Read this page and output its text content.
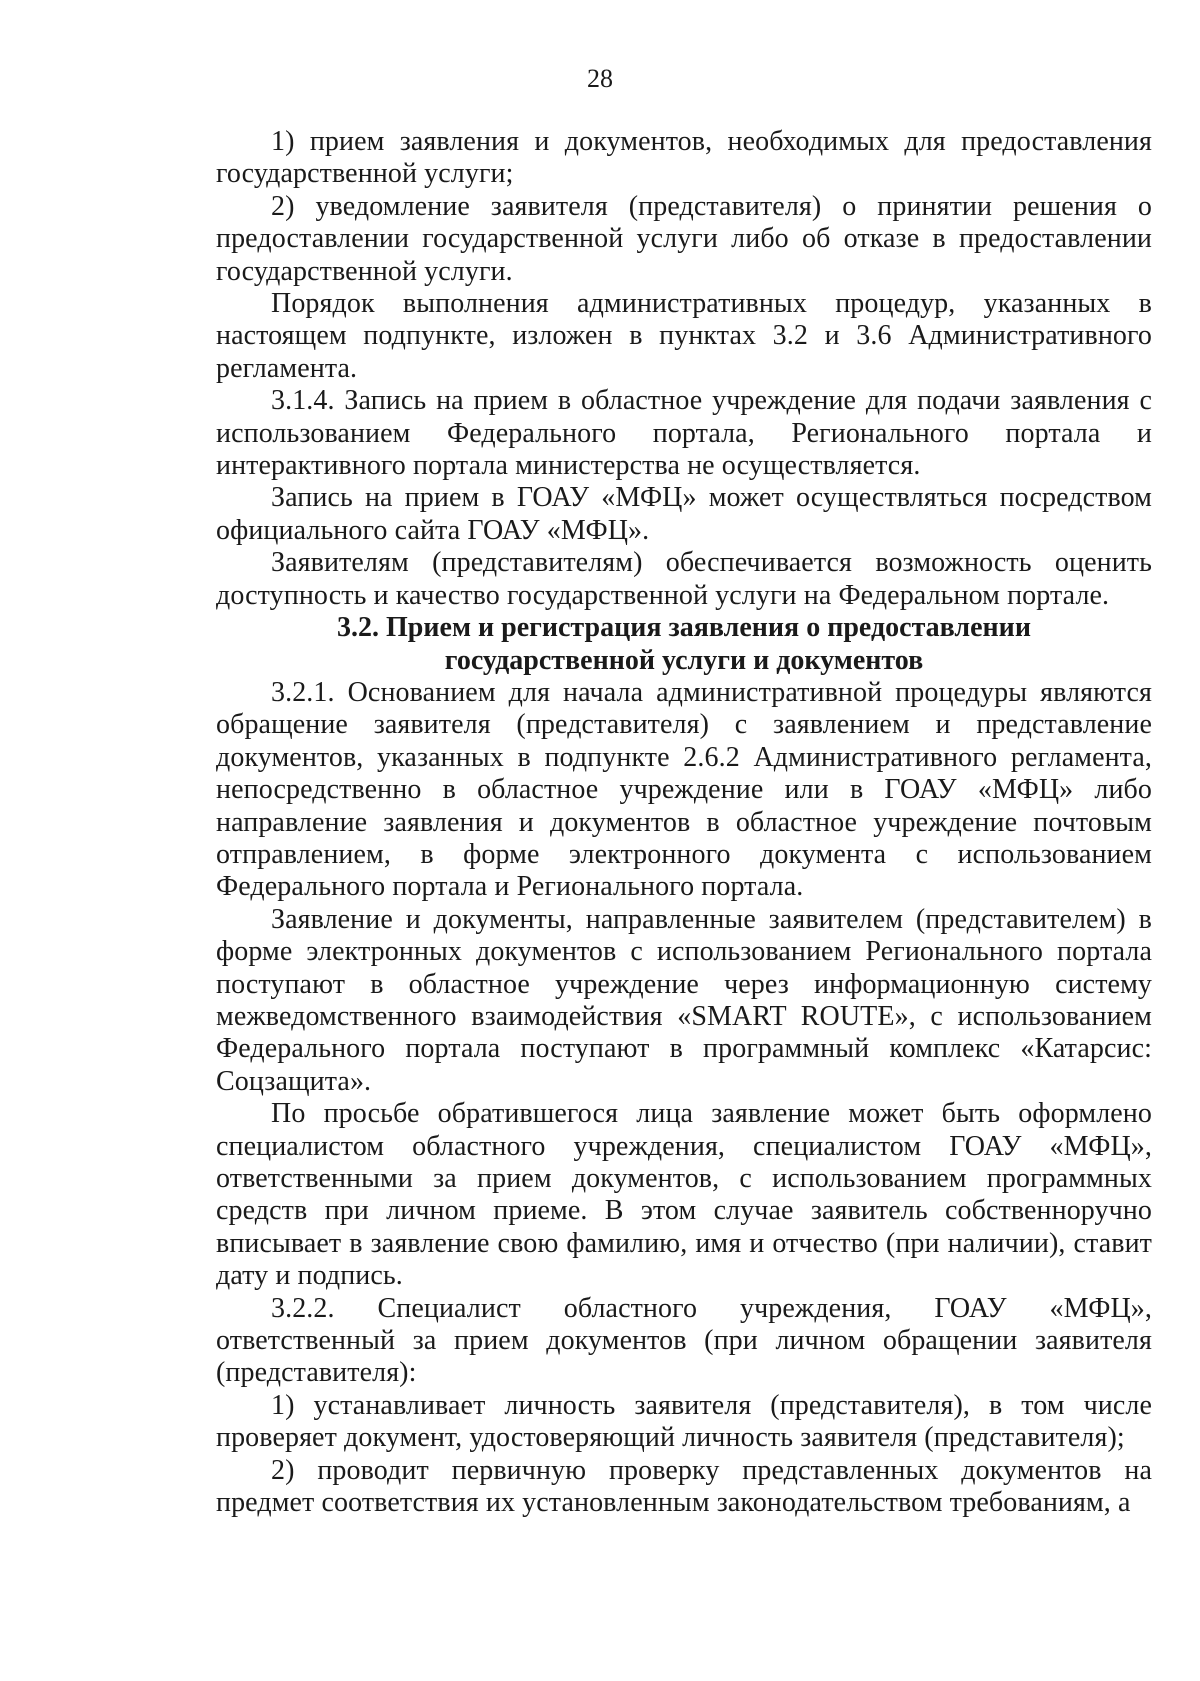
28

1) прием заявления и документов, необходимых для предоставления государственной услуги;

2) уведомление заявителя (представителя) о принятии решения о предоставлении государственной услуги либо об отказе в предоставлении государственной услуги.

Порядок выполнения административных процедур, указанных в настоящем подпункте, изложен в пунктах 3.2 и 3.6 Административного регламента.

3.1.4. Запись на прием в областное учреждение для подачи заявления с использованием Федерального портала, Регионального портала и интерактивного портала министерства не осуществляется.

Запись на прием в ГОАУ «МФЦ» может осуществляться посредством официального сайта ГОАУ «МФЦ».

Заявителям (представителям) обеспечивается возможность оценить доступность и качество государственной услуги на Федеральном портале.

3.2. Прием и регистрация заявления о предоставлении
государственной услуги и документов

3.2.1. Основанием для начала административной процедуры являются обращение заявителя (представителя) с заявлением и представление документов, указанных в подпункте 2.6.2 Административного регламента, непосредственно в областное учреждение или в ГОАУ «МФЦ» либо направление заявления и документов в областное учреждение почтовым отправлением, в форме электронного документа с использованием Федерального портала и Регионального портала.

Заявление и документы, направленные заявителем (представителем) в форме электронных документов с использованием Регионального портала поступают в областное учреждение через информационную систему межведомственного взаимодействия «SMART ROUTE», с использованием Федерального портала поступают в программный комплекс «Катарсис: Соцзащита».

По просьбе обратившегося лица заявление может быть оформлено специалистом областного учреждения, специалистом ГОАУ «МФЦ», ответственными за прием документов, с использованием программных средств при личном приеме. В этом случае заявитель собственноручно вписывает в заявление свою фамилию, имя и отчество (при наличии), ставит дату и подпись.

3.2.2. Специалист областного учреждения, ГОАУ «МФЦ», ответственный за прием документов (при личном обращении заявителя (представителя):

1) устанавливает личность заявителя (представителя), в том числе проверяет документ, удостоверяющий личность заявителя (представителя);

2) проводит первичную проверку представленных документов на предмет соответствия их установленным законодательством требованиям, а
